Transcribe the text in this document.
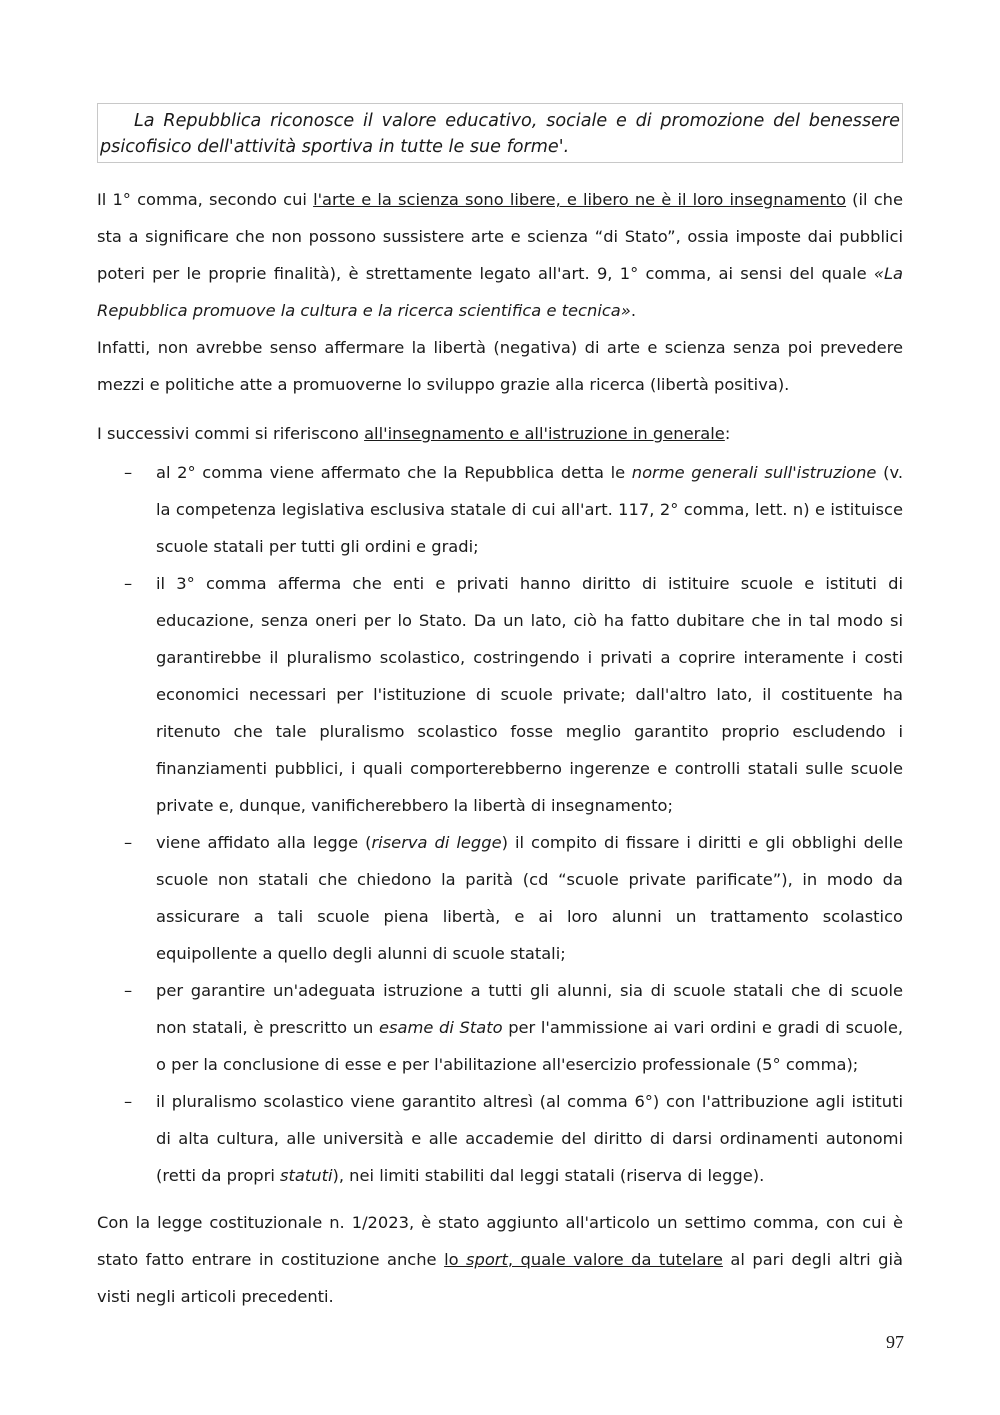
La Repubblica riconosce il valore educativo, sociale e di promozione del benessere psicofisico dell'attività sportiva in tutte le sue forme'.

Il 1° comma, secondo cui l'arte e la scienza sono libere, e libero ne è il loro insegnamento (il che sta a significare che non possono sussistere arte e scienza “di Stato”, ossia imposte dai pubblici poteri per le proprie finalità), è strettamente legato all'art. 9, 1° comma, ai sensi del quale «La Repubblica promuove la cultura e la ricerca scientifica e tecnica».

Infatti, non avrebbe senso affermare la libertà (negativa) di arte e scienza senza poi prevedere mezzi e politiche atte a promuoverne lo sviluppo grazie alla ricerca (libertà positiva).

I successivi commi si riferiscono all'insegnamento e all'istruzione in generale:

– al 2° comma viene affermato che la Repubblica detta le norme generali sull'istruzione (v. la competenza legislativa esclusiva statale di cui all'art. 117, 2° comma, lett. n) e istituisce scuole statali per tutti gli ordini e gradi;
– il 3° comma afferma che enti e privati hanno diritto di istituire scuole e istituti di educazione, senza oneri per lo Stato. Da un lato, ciò ha fatto dubitare che in tal modo si garantirebbe il pluralismo scolastico, costringendo i privati a coprire interamente i costi economici necessari per l'istituzione di scuole private; dall'altro lato, il costituente ha ritenuto che tale pluralismo scolastico fosse meglio garantito proprio escludendo i finanziamenti pubblici, i quali comporterebberno ingerenze e controlli statali sulle scuole private e, dunque, vanificherebbero la libertà di insegnamento;
– viene affidato alla legge (riserva di legge) il compito di fissare i diritti e gli obblighi delle scuole non statali che chiedono la parità (cd “scuole private parificate”), in modo da assicurare a tali scuole piena libertà, e ai loro alunni un trattamento scolastico equipollente a quello degli alunni di scuole statali;
– per garantire un'adeguata istruzione a tutti gli alunni, sia di scuole statali che di scuole non statali, è prescritto un esame di Stato per l'ammissione ai vari ordini e gradi di scuole, o per la conclusione di esse e per l'abilitazione all'esercizio professionale (5° comma);
– il pluralismo scolastico viene garantito altresì (al comma 6°) con l'attribuzione agli istituti di alta cultura, alle università e alle accademie del diritto di darsi ordinamenti autonomi (retti da propri statuti), nei limiti stabiliti dal leggi statali (riserva di legge).

Con la legge costituzionale n. 1/2023, è stato aggiunto all'articolo un settimo comma, con cui è stato fatto entrare in costituzione anche lo sport, quale valore da tutelare al pari degli altri già visti negli articoli precedenti.

97
